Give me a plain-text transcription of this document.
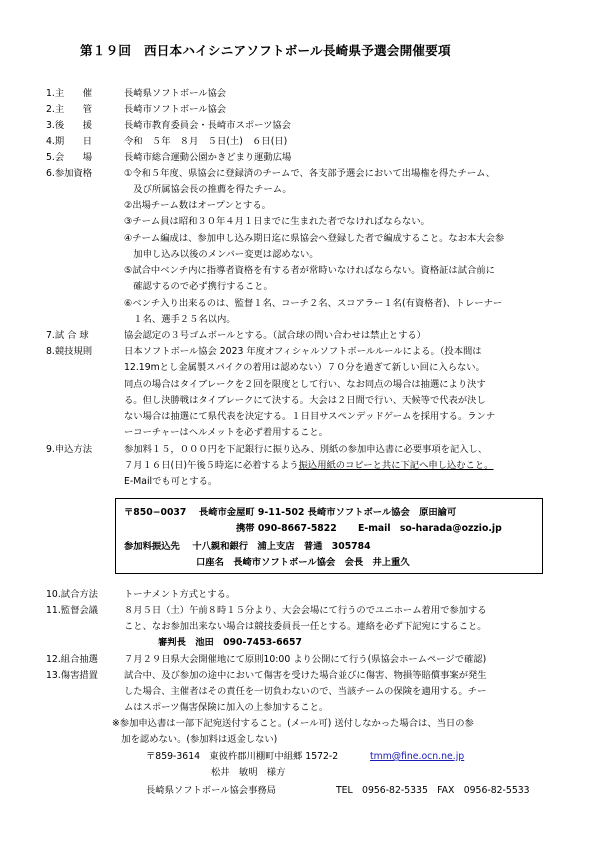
第１９回　西日本ハイシニアソフトボール長崎県予選会開催要項
1.主　　催	長崎県ソフトボール協会
2.主　　管	長崎市ソフトボール協会
3.後　　援	長崎市教育委員会・長崎市スポーツ協会
4.期　　日	令和　５年　８月　５日(土)　６日(日)
5.会　　場	長崎市総合運動公園かきどまり運動広場
6.参加資格	①令和５年度、県協会に登録済のチームで、各支部予選会において出場権を得たチーム、
　及び所属協会長の推薦を得たチーム。
②出場チーム数はオープンとする。
③チーム員は昭和３０年４月１日までに生まれた者でなければならない。
④チーム編成は、参加申し込み期日迄に県協会へ登録した者で編成すること。なお本大会参
　加申し込み以後のメンバー変更は認めない。
⑤試合中ベンチ内に指導者資格を有する者が常時いなければならない。資格証は試合前に
　確認するので必ず携行すること。
⑥ベンチ入り出来るのは、監督１名、コーチ２名、スコアラー１名(有資格者)、トレーナー
　１名、選手２５名以内。
7.試 合 球	協会認定の３号ゴムボールとする。（試合球の問い合わせは禁止とする）
8.競技規則	日本ソフトボール協会 2023 年度オフィシャルソフトボールルールによる。（投本間は
12.19mとし金属製スパイクの着用は認めない）７０分を過ぎて新しい回に入らない。
同点の場合はタイブレークを２回を限度として行い、なお同点の場合は抽選により決す
る。但し決勝戦はタイブレークにて決する。大会は２日間で行い、天候等で代表が決し
ない場合は抽選にて県代表を決定する。１日目サスペンデッドゲームを採用する。ランナ
ーコーチャーはヘルメットを必ず着用すること。
9.申込方法	参加料１５，０００円を下記銀行に振り込み、別紙の参加申込書に必要事項を記入し、
７月１６日(日)午後５時迄に必着するよう振込用紙のコピーと共に下記へ申し込むこと。
E-Mailでも可とする。
〒850−0037　 長崎市金屋町 9-11-502 長崎市ソフトボール協会　原田諭可
携帯 090-8667-5822 E-mail　so-harada@ozzio.jp
参加料振込先　 十八親和銀行　浦上支店　普通　305784
口座名　長崎市ソフトボール協会　会長　井上重久
10.試合方法	トーナメント方式とする。
11.監督会議	８月５日（土）午前８時１５分より、大会会場にて行うのでユニホーム着用で参加する
こと、なお参加出来ない場合は競技委員長一任とする。連絡を必ず下記宛にすること。
審判長　池田　090-7453-6657
12.組合抽選	７月２９日県大会開催地にて原則10:00 より公開にて行う(県協会ホームページで確認)
13.傷害措置	試合中、及び参加の途中において傷害を受けた場合並びに傷害、物損等賠償事案が発生
した場合、主催者はその責任を一切負わないので、当該チームの保険を適用する。チー
ムはスポーツ傷害保険に加入の上参加すること。
※参加申込書は一部下記宛送付すること。(メール可) 送付しなかった場合は、当日の参
　加を認めない。(参加料は返金しない)
〒859-3614　東彼杵郡川棚町中組郷 1572-2	tmm@fine.ocn.ne.jp
松井　敏明　様方
長崎県ソフトボール協会事務局	TEL　0956-82-5335　FAX　0956-82-5533
